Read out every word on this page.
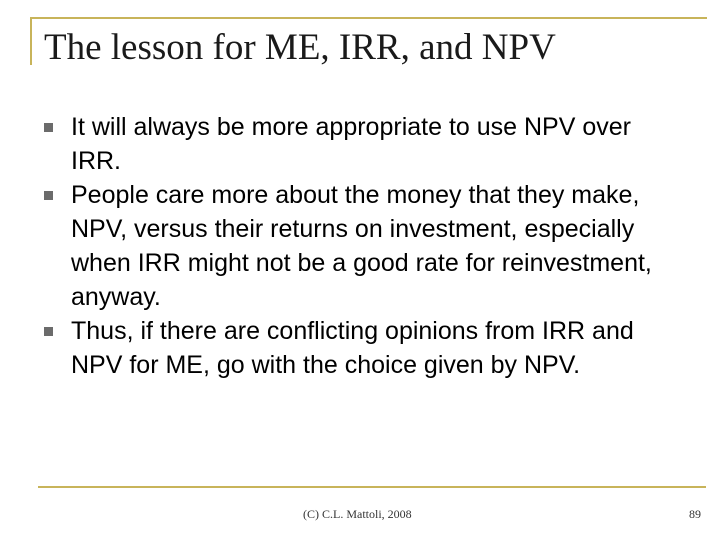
The lesson for ME, IRR, and NPV
It will always be more appropriate to use NPV over IRR.
People care more about the money that they make, NPV, versus their returns on investment, especially when IRR might not be a good rate for reinvestment, anyway.
Thus, if there are conflicting opinions from IRR and NPV for ME, go with the choice given by NPV.
(C) C.L. Mattoli, 2008	89
